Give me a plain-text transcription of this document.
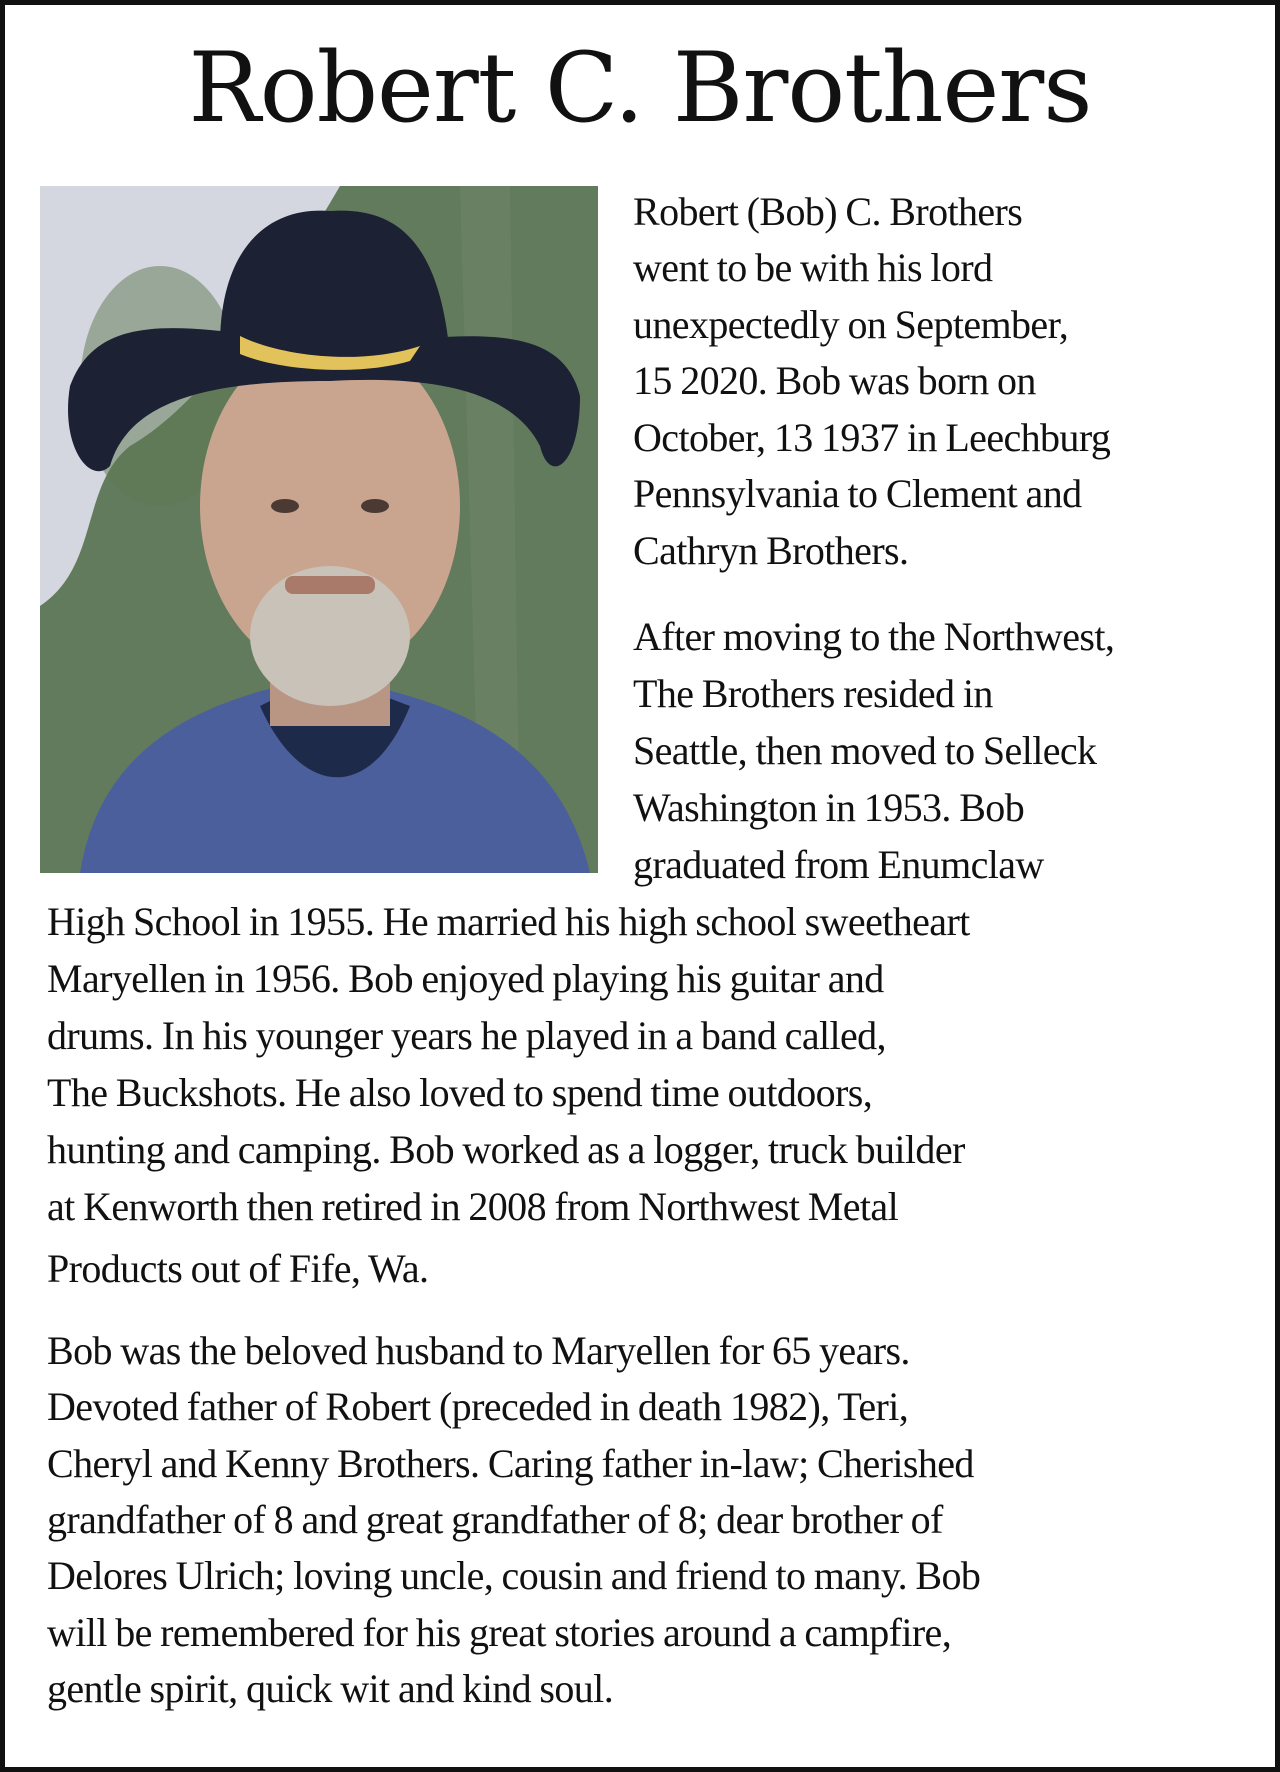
Robert C. Brothers
Robert (Bob) C. Brothers
went to be with his lord
unexpectedly on September,
15 2020. Bob was born on
October, 13 1937 in Leechburg
Pennsylvania to Clement and
Cathryn Brothers.
After moving to the Northwest,
The Brothers resided in
Seattle, then moved to Selleck
Washington in 1953. Bob
graduated from Enumclaw
High School in 1955. He married his high school sweetheart
Maryellen in 1956. Bob enjoyed playing his guitar and
drums. In his younger years he played in a band called,
The Buckshots. He also loved to spend time outdoors,
hunting and camping. Bob worked as a logger, truck builder
at Kenworth then retired in 2008 from Northwest Metal
Products out of Fife, Wa.
Bob was the beloved husband to Maryellen for 65 years.
Devoted father of Robert (preceded in death 1982), Teri,
Cheryl and Kenny Brothers. Caring father in-law; Cherished
grandfather of 8 and great grandfather of 8; dear brother of
Delores Ulrich; loving uncle, cousin and friend to many. Bob
will be remembered for his great stories around a campfire,
gentle spirit, quick wit and kind soul.
